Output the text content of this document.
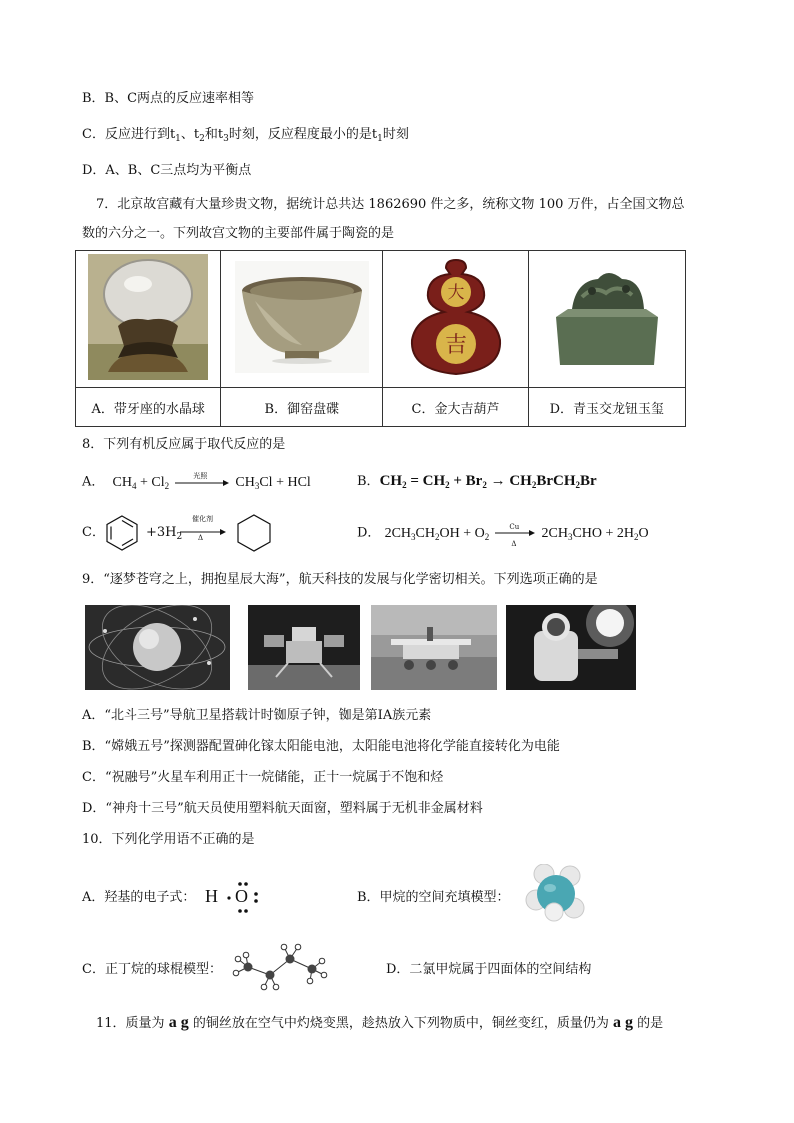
B．B、C两点的反应速率相等
C．反应进行到$t_1$、$t_2$和$t_3$时刻，反应程度最小的是$t_1$时刻
D．A、B、C三点均为平衡点
7．北京故宫藏有大量珍贵文物，据统计总共达 1862690 件之多，统称文物 100 万件，占全国文物总
数的六分之一。下列故宫文物的主要部件属于陶瓷的是

大
吉

A．带牙座的水晶球	B．御窑盘碟	C．金大吉葫芦	D．青玉交龙钮玉玺
8．下列有机反应属于取代反应的是
A． $CH_4 + Cl_2$
光照 $CH_3Cl$ + HCl	B．$CH_2 = CH_2 + Br_2$ → $CH_2BrCH_2Br$
C．	$+3H_2$
催化剂
Δ	D． $2CH_3CH_2OH + O_2$
Cu
Δ
$2CH_3CHO + 2H_2O$
9．“逐梦苍穹之上，拥抱星辰大海”，航天科技的发展与化学密切相关。下列选项正确的是
A．“北斗三号”导航卫星搭载计时铷原子钟，铷是第ⅠA族元素
B．“嫦娥五号”探测器配置砷化镓太阳能电池，太阳能电池将化学能直接转化为电能
C．“祝融号”火星车利用正十一烷储能，正十一烷属于不饱和烃
D．“神舟十三号”航天员使用塑料航天面窗，塑料属于无机非金属材料
10．下列化学用语不正确的是
A．羟基的电子式： H O	B．甲烷的空间充填模型：
C．正丁烷的球棍模型：	D．二氯甲烷属于四面体的空间结构
11．质量为 a g 的铜丝放在空气中灼烧变黑，趁热放入下列物质中，铜丝变红，质量仍为 a g 的是
